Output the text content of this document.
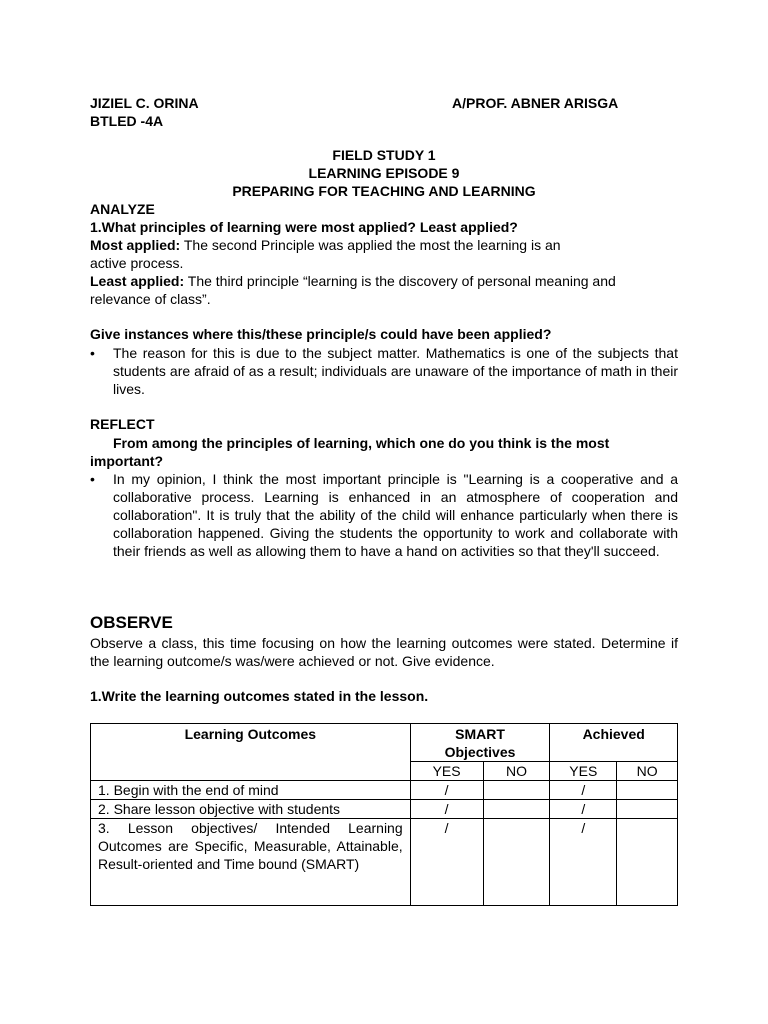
JIZIEL C. ORINA	A/PROF. ABNER ARISGA
BTLED -4A
FIELD STUDY 1
LEARNING EPISODE 9
PREPARING FOR TEACHING AND LEARNING
ANALYZE
1.What principles of learning were most applied? Least applied?
Most applied: The second Principle was applied the most the learning is an
active process.
Least applied: The third principle “learning is the discovery of personal meaning and
relevance of class”.
Give instances where this/these principle/s could have been applied?
• The reason for this is due to the subject matter. Mathematics is one of the subjects that students are afraid of as a result; individuals are unaware of the importance of math in their lives.
REFLECT
From among the principles of learning, which one do you think is the most
important?
• In my opinion, I think the most important principle is "Learning is a cooperative and a collaborative process. Learning is enhanced in an atmosphere of cooperation and collaboration". It is truly that the ability of the child will enhance particularly when there is collaboration happened. Giving the students the opportunity to work and collaborate with their friends as well as allowing them to have a hand on activities so that they'll succeed.
OBSERVE
Observe a class, this time focusing on how the learning outcomes were stated. Determine if the learning outcome/s was/were achieved or not. Give evidence.
1.Write the learning outcomes stated in the lesson.
Learning Outcomes	SMART Objectives		Achieved	
	YES	NO	YES	NO
1. Begin with the end of mind	/		/	
2. Share lesson objective with students	/		/	
3. Lesson objectives/ Intended Learning Outcomes are Specific, Measurable, Attainable, Result-oriented and Time bound (SMART)	/		/	
